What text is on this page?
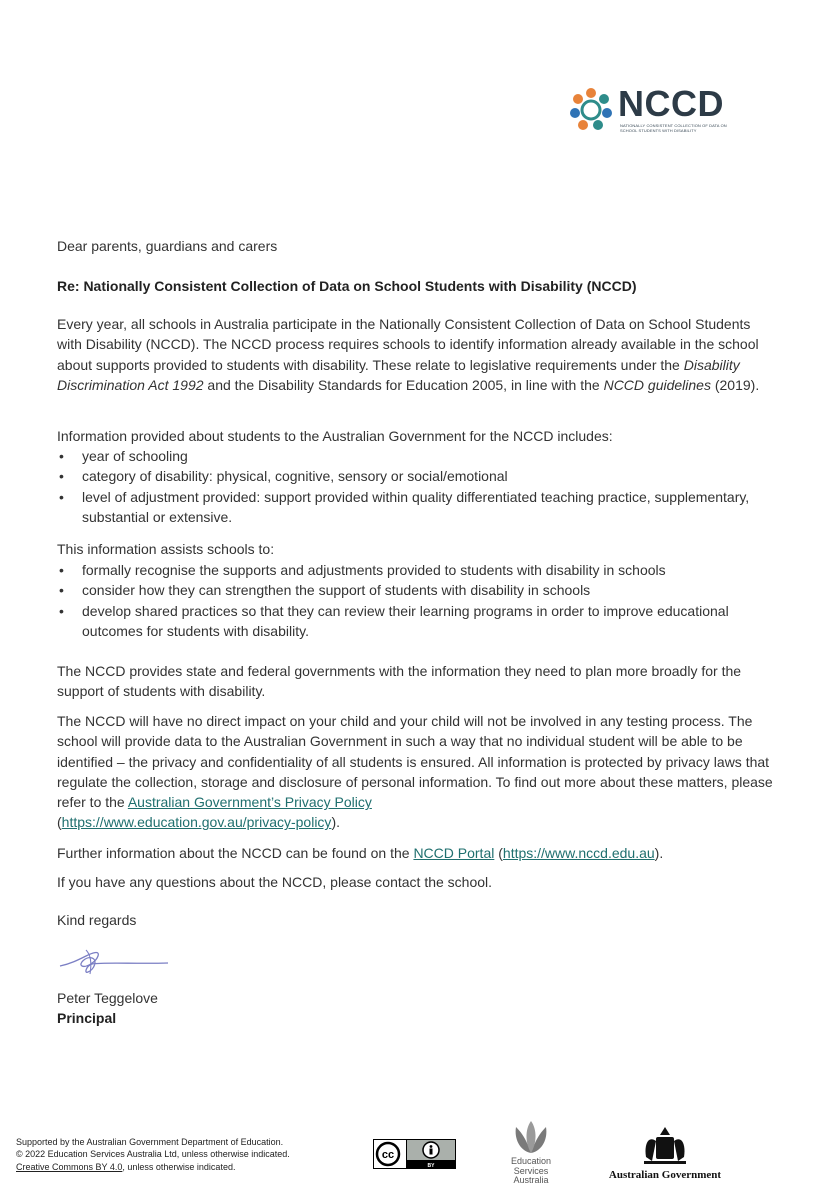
NCCD
NATIONALLY CONSISTENT COLLECTION OF DATA ON SCHOOL STUDENTS WITH DISABILITY

Dear parents, guardians and carers

Re: Nationally Consistent Collection of Data on School Students with Disability (NCCD)

Every year, all schools in Australia participate in the Nationally Consistent Collection of Data on School Students with Disability (NCCD). The NCCD process requires schools to identify information already available in the school about supports provided to students with disability. These relate to legislative requirements under the Disability Discrimination Act 1992 and the Disability Standards for Education 2005, in line with the NCCD guidelines (2019).

Information provided about students to the Australian Government for the NCCD includes:

• year of schooling
• category of disability: physical, cognitive, sensory or social/emotional
• level of adjustment provided: support provided within quality differentiated teaching practice, supplementary, substantial or extensive.

This information assists schools to:

• formally recognise the supports and adjustments provided to students with disability in schools
• consider how they can strengthen the support of students with disability in schools
• develop shared practices so that they can review their learning programs in order to improve educational outcomes for students with disability.

The NCCD provides state and federal governments with the information they need to plan more broadly for the support of students with disability.

The NCCD will have no direct impact on your child and your child will not be involved in any testing process. The school will provide data to the Australian Government in such a way that no individual student will be able to be identified – the privacy and confidentiality of all students is ensured. All information is protected by privacy laws that regulate the collection, storage and disclosure of personal information. To find out more about these matters, please refer to the Australian Government’s Privacy Policy
(https://www.education.gov.au/privacy-policy).

Further information about the NCCD can be found on the NCCD Portal (https://www.nccd.edu.au).

If you have any questions about the NCCD, please contact the school.

Kind regards

Peter Teggelove
Principal

Supported by the Australian Government Department of Education.
© 2022 Education Services Australia Ltd, unless otherwise indicated.
Creative Commons BY 4.0, unless otherwise indicated.
cc
BY	Education
Services
Australia	Australian Government
